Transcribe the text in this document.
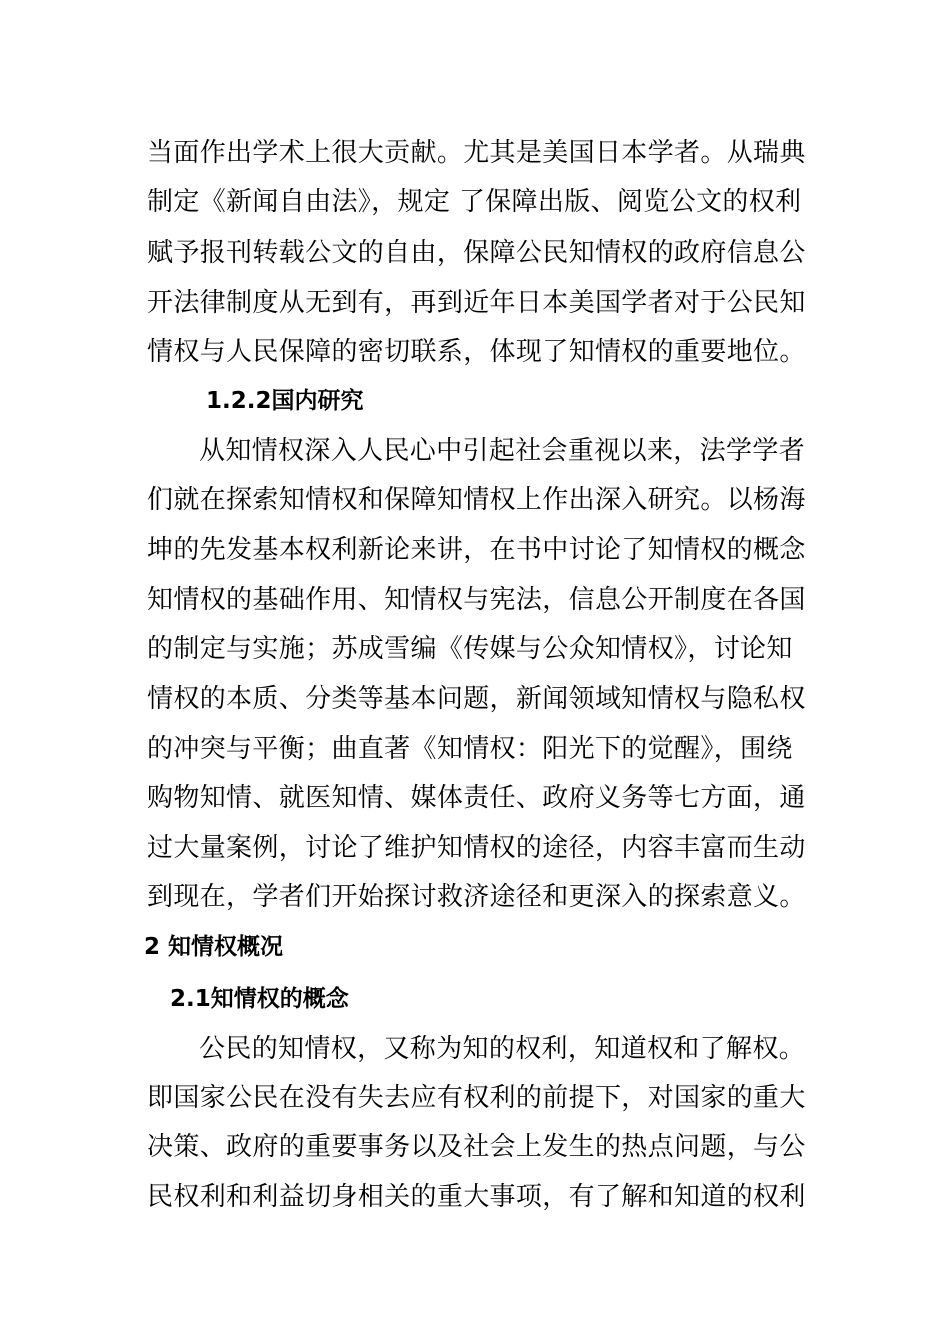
当面作出学术上很大贡献。尤其是美国日本学者。从瑞典
制定《新闻自由法》，规定 了保障出版、阅览公文的权利
赋予报刊转载公文的自由，保障公民知情权的政府信息公
开法律制度从无到有，再到近年日本美国学者对于公民知
情权与人民保障的密切联系，体现了知情权的重要地位。
1.2.2国内研究
从知情权深入人民心中引起社会重视以来，法学学者
们就在探索知情权和保障知情权上作出深入研究。以杨海
坤的先发基本权利新论来讲，在书中讨论了知情权的概念
知情权的基础作用、知情权与宪法，信息公开制度在各国
的制定与实施；苏成雪编《传媒与公众知情权》，讨论知
情权的本质、分类等基本问题，新闻领域知情权与隐私权
的冲突与平衡；曲直著《知情权：阳光下的觉醒》，围绕
购物知情、就医知情、媒体责任、政府义务等七方面，通
过大量案例，讨论了维护知情权的途径，内容丰富而生动
到现在，学者们开始探讨救济途径和更深入的探索意义。
2 知情权概况
2.1知情权的概念
公民的知情权，又称为知的权利，知道权和了解权。
即国家公民在没有失去应有权利的前提下，对国家的重大
决策、政府的重要事务以及社会上发生的热点问题，与公
民权利和利益切身相关的重大事项，有了解和知道的权利
